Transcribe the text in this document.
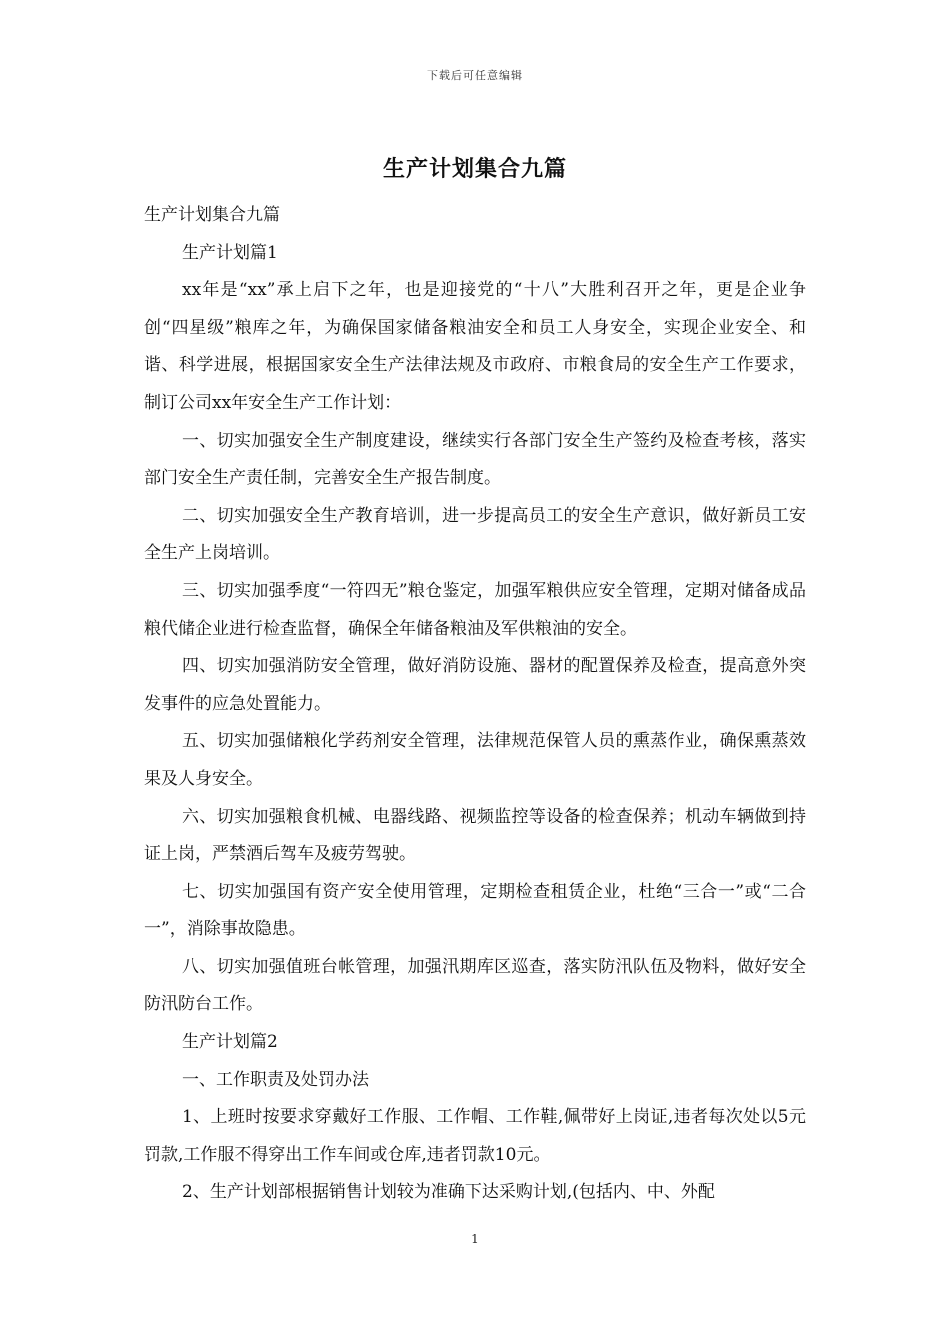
下载后可任意编辑
生产计划集合九篇

生产计划集合九篇

生产计划篇1

xx年是“xx”承上启下之年，也是迎接党的“十八”大胜利召开之年，更是企业争创“四星级”粮库之年，为确保国家储备粮油安全和员工人身安全，实现企业安全、和谐、科学进展，根据国家安全生产法律法规及市政府、市粮食局的安全生产工作要求，制订公司xx年安全生产工作计划：

一、切实加强安全生产制度建设，继续实行各部门安全生产签约及检查考核，落实部门安全生产责任制，完善安全生产报告制度。

二、切实加强安全生产教育培训，进一步提高员工的安全生产意识，做好新员工安全生产上岗培训。

三、切实加强季度“一符四无”粮仓鉴定，加强军粮供应安全管理，定期对储备成品粮代储企业进行检查监督，确保全年储备粮油及军供粮油的安全。

四、切实加强消防安全管理，做好消防设施、器材的配置保养及检查，提高意外突发事件的应急处置能力。

五、切实加强储粮化学药剂安全管理，法律规范保管人员的熏蒸作业，确保熏蒸效果及人身安全。

六、切实加强粮食机械、电器线路、视频监控等设备的检查保养；机动车辆做到持证上岗，严禁酒后驾车及疲劳驾驶。

七、切实加强国有资产安全使用管理，定期检查租赁企业，杜绝“三合一”或“二合一”，消除事故隐患。

八、切实加强值班台帐管理，加强汛期库区巡查，落实防汛队伍及物料，做好安全防汛防台工作。

生产计划篇2

一、工作职责及处罚办法

1、上班时按要求穿戴好工作服、工作帽、工作鞋,佩带好上岗证,违者每次处以5元罚款,工作服不得穿出工作车间或仓库,违者罚款10元。

2、生产计划部根据销售计划较为准确下达采购计划,(包括内、中、外配

1
